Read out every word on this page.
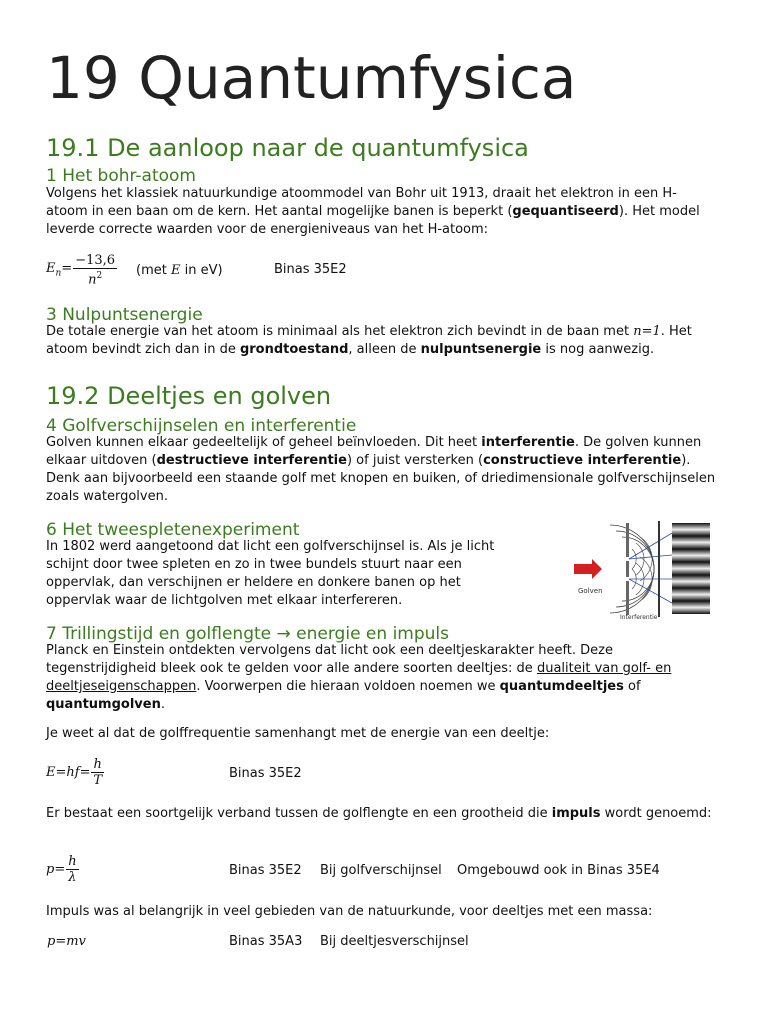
19 Quantumfysica
19.1 De aanloop naar de quantumfysica
1 Het bohr-atoom
Volgens het klassiek natuurkundige atoommodel van Bohr uit 1913, draait het elektron in een H-atoom in een baan om de kern. Het aantal mogelijke banen is beperkt (gequantiseerd). Het model leverde correcte waarden voor de energieniveaus van het H-atoom:
$E_n= \frac{-13,6}{n^2} (met$ E in eV)	Binas 35E2
3 Nulpuntsenergie
De totale energie van het atoom is minimaal als het elektron zich bevindt in de baan met n=1. Het atoom bevindt zich dan in de grondtoestand, alleen de nulpuntsenergie is nog aanwezig.
19.2 Deeltjes en golven
4 Golfverschijnselen en interferentie
Golven kunnen elkaar gedeeltelijk of geheel beïnvloeden. Dit heet interferentie. De golven kunnen elkaar uitdoven (destructieve interferentie) of juist versterken (constructieve interferentie). Denk aan bijvoorbeeld een staande golf met knopen en buiken, of driedimensionale golfverschijnselen zoals watergolven.
6 Het tweespletenexperiment
In 1802 werd aangetoond dat licht een golfverschijnsel is. Als je licht schijnt door twee spleten en zo in twee bundels stuurt naar een oppervlak, dan verschijnen er heldere en donkere banen op het oppervlak waar de lichtgolven met elkaar interfereren.
Golven
Interferentie
7 Trillingstijd en golflengte → energie en impuls
Planck en Einstein ontdekten vervolgens dat licht ook een deeltjeskarakter heeft. Deze tegenstrijdigheid bleek ook te gelden voor alle andere soorten deeltjes: de dualiteit van golf- en deeltjeseigenschappen. Voorwerpen die hieraan voldoen noemen we quantumdeeltjes of quantumgolven.
Je weet al dat de golffrequentie samenhangt met de energie van een deeltje:
$E=hf= \frac{h}{T}$	Binas 35E2
Er bestaat een soortgelijk verband tussen de golflengte en een grootheid die impuls wordt genoemd:
$p= \frac{h}{\lambda}$	Binas 35E2 Bij golfverschijnsel Omgebouwd ook in Binas 35E4
Impuls was al belangrijk in veel gebieden van de natuurkunde, voor deeltjes met een massa:
p=mv	Binas 35A3 Bij deeltjesverschijnsel
